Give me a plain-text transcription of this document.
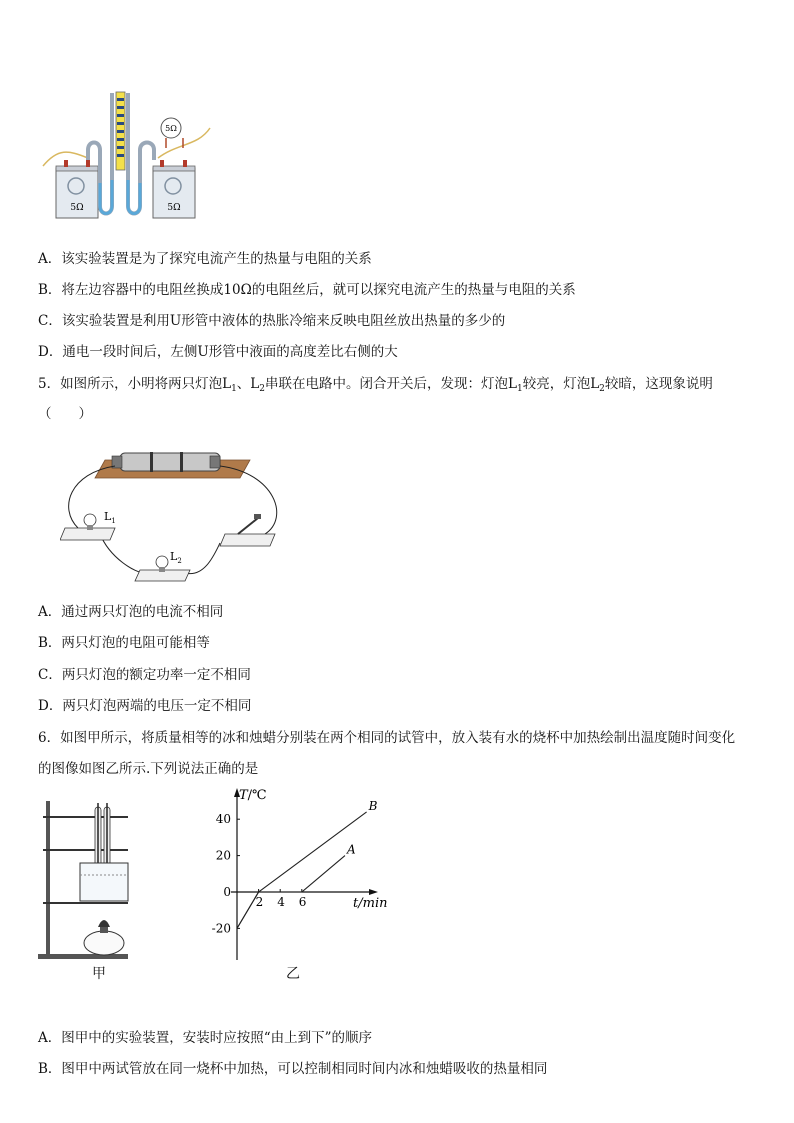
5Ω
5Ω	5Ω
A．该实验装置是为了探究电流产生的热量与电阻的关系
B．将左边容器中的电阻丝换成10Ω的电阻丝后，就可以探究电流产生的热量与电阻的关系
C．该实验装置是利用U形管中液体的热胀冷缩来反映电阻丝放出热量的多少的
D．通电一段时间后，左侧U形管中液面的高度差比右侧的大
5．如图所示，小明将两只灯泡$L_1$、$L_2$串联在电路中。闭合开关后，发现：灯泡$L_1$较亮，灯泡$L_2$较暗，这现象说明
（　　）
$L_1$
$L_2$
A．通过两只灯泡的电流不相同
B．两只灯泡的电阻可能相等
C．两只灯泡的额定功率一定不相同
D．两只灯泡两端的电压一定不相同
6．如图甲所示，将质量相等的冰和烛蜡分别装在两个相同的试管中，放入装有水的烧杯中加热绘制出温度随时间变化
的图像如图乙所示.下列说法正确的是
甲
2 4 6
40
20
0
-20
B
A
T/℃
t/min
乙
A．图甲中的实验装置，安装时应按照“由上到下”的顺序
B．图甲中两试管放在同一烧杯中加热，可以控制相同时间内冰和烛蜡吸收的热量相同
